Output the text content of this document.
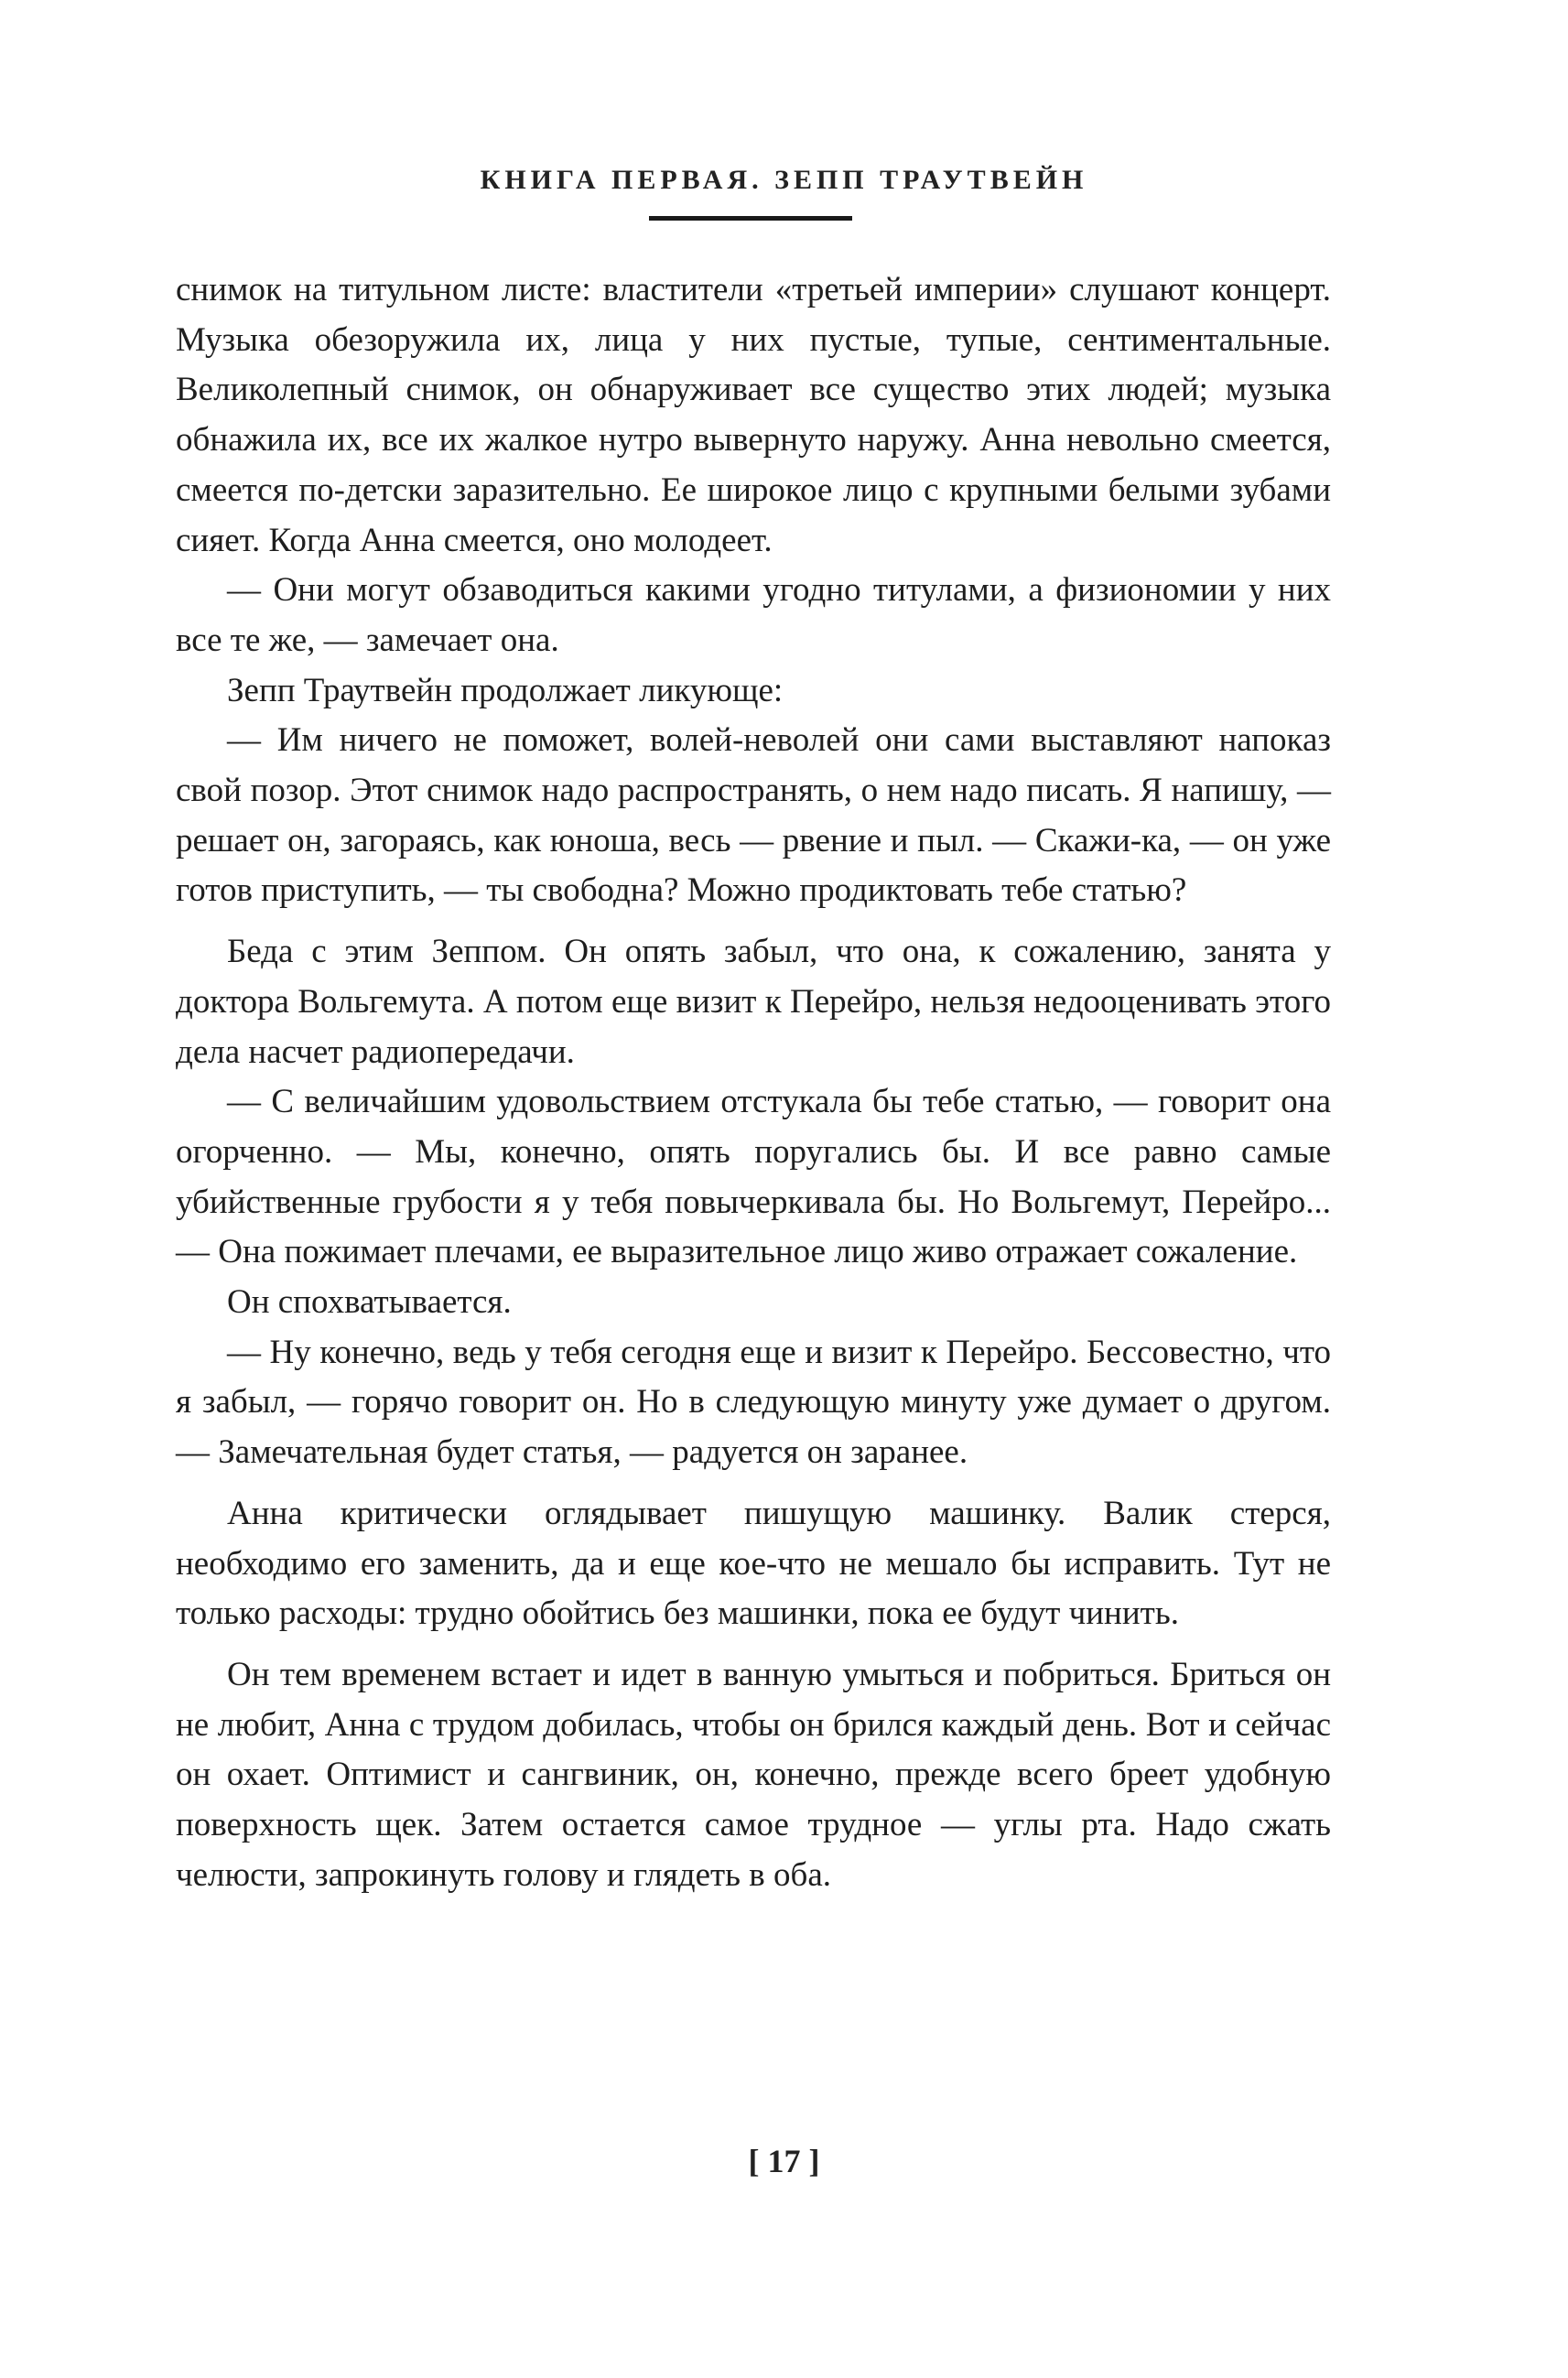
КНИГА ПЕРВАЯ. ЗЕПП ТРАУТВЕЙН

снимок на титульном листе: властители «третьей империи» слушают концерт. Музыка обезоружила их, лица у них пустые, тупые, сентиментальные. Великолепный снимок, он обнаруживает все существо этих людей; музыка обнажила их, все их жалкое нутро вывернуто наружу. Анна невольно смеется, смеется по-детски заразительно. Ее широкое лицо с крупными белыми зубами сияет. Когда Анна смеется, оно молодеет.

— Они могут обзаводиться какими угодно титулами, а физиономии у них все те же, — замечает она.

Зепп Траутвейн продолжает ликующе:

— Им ничего не поможет, волей-неволей они сами выставляют напоказ свой позор. Этот снимок надо распространять, о нем надо писать. Я напишу, — решает он, загораясь, как юноша, весь — рвение и пыл. — Скажи-ка, — он уже готов приступить, — ты свободна? Можно продиктовать тебе статью?

Беда с этим Зеппом. Он опять забыл, что она, к сожалению, занята у доктора Вольгемута. А потом еще визит к Перейро, нельзя недооценивать этого дела насчет радиопередачи.

— С величайшим удовольствием отстукала бы тебе статью, — говорит она огорченно. — Мы, конечно, опять поругались бы. И все равно самые убийственные грубости я у тебя повычеркивала бы. Но Вольгемут, Перейро... — Она пожимает плечами, ее выразительное лицо живо отражает сожаление.

Он спохватывается.

— Ну конечно, ведь у тебя сегодня еще и визит к Перейро. Бессовестно, что я забыл, — горячо говорит он. Но в следующую минуту уже думает о другом. — Замечательная будет статья, — радуется он заранее.

Анна критически оглядывает пишущую машинку. Валик стерся, необходимо его заменить, да и еще кое-что не мешало бы исправить. Тут не только расходы: трудно обойтись без машинки, пока ее будут чинить.

Он тем временем встает и идет в ванную умыться и побриться. Бриться он не любит, Анна с трудом добилась, чтобы он брился каждый день. Вот и сейчас он охает. Оптимист и сангвиник, он, конечно, прежде всего бреет удобную поверхность щек. Затем остается самое трудное — углы рта. Надо сжать челюсти, запрокинуть голову и глядеть в оба.

[ 17 ]
